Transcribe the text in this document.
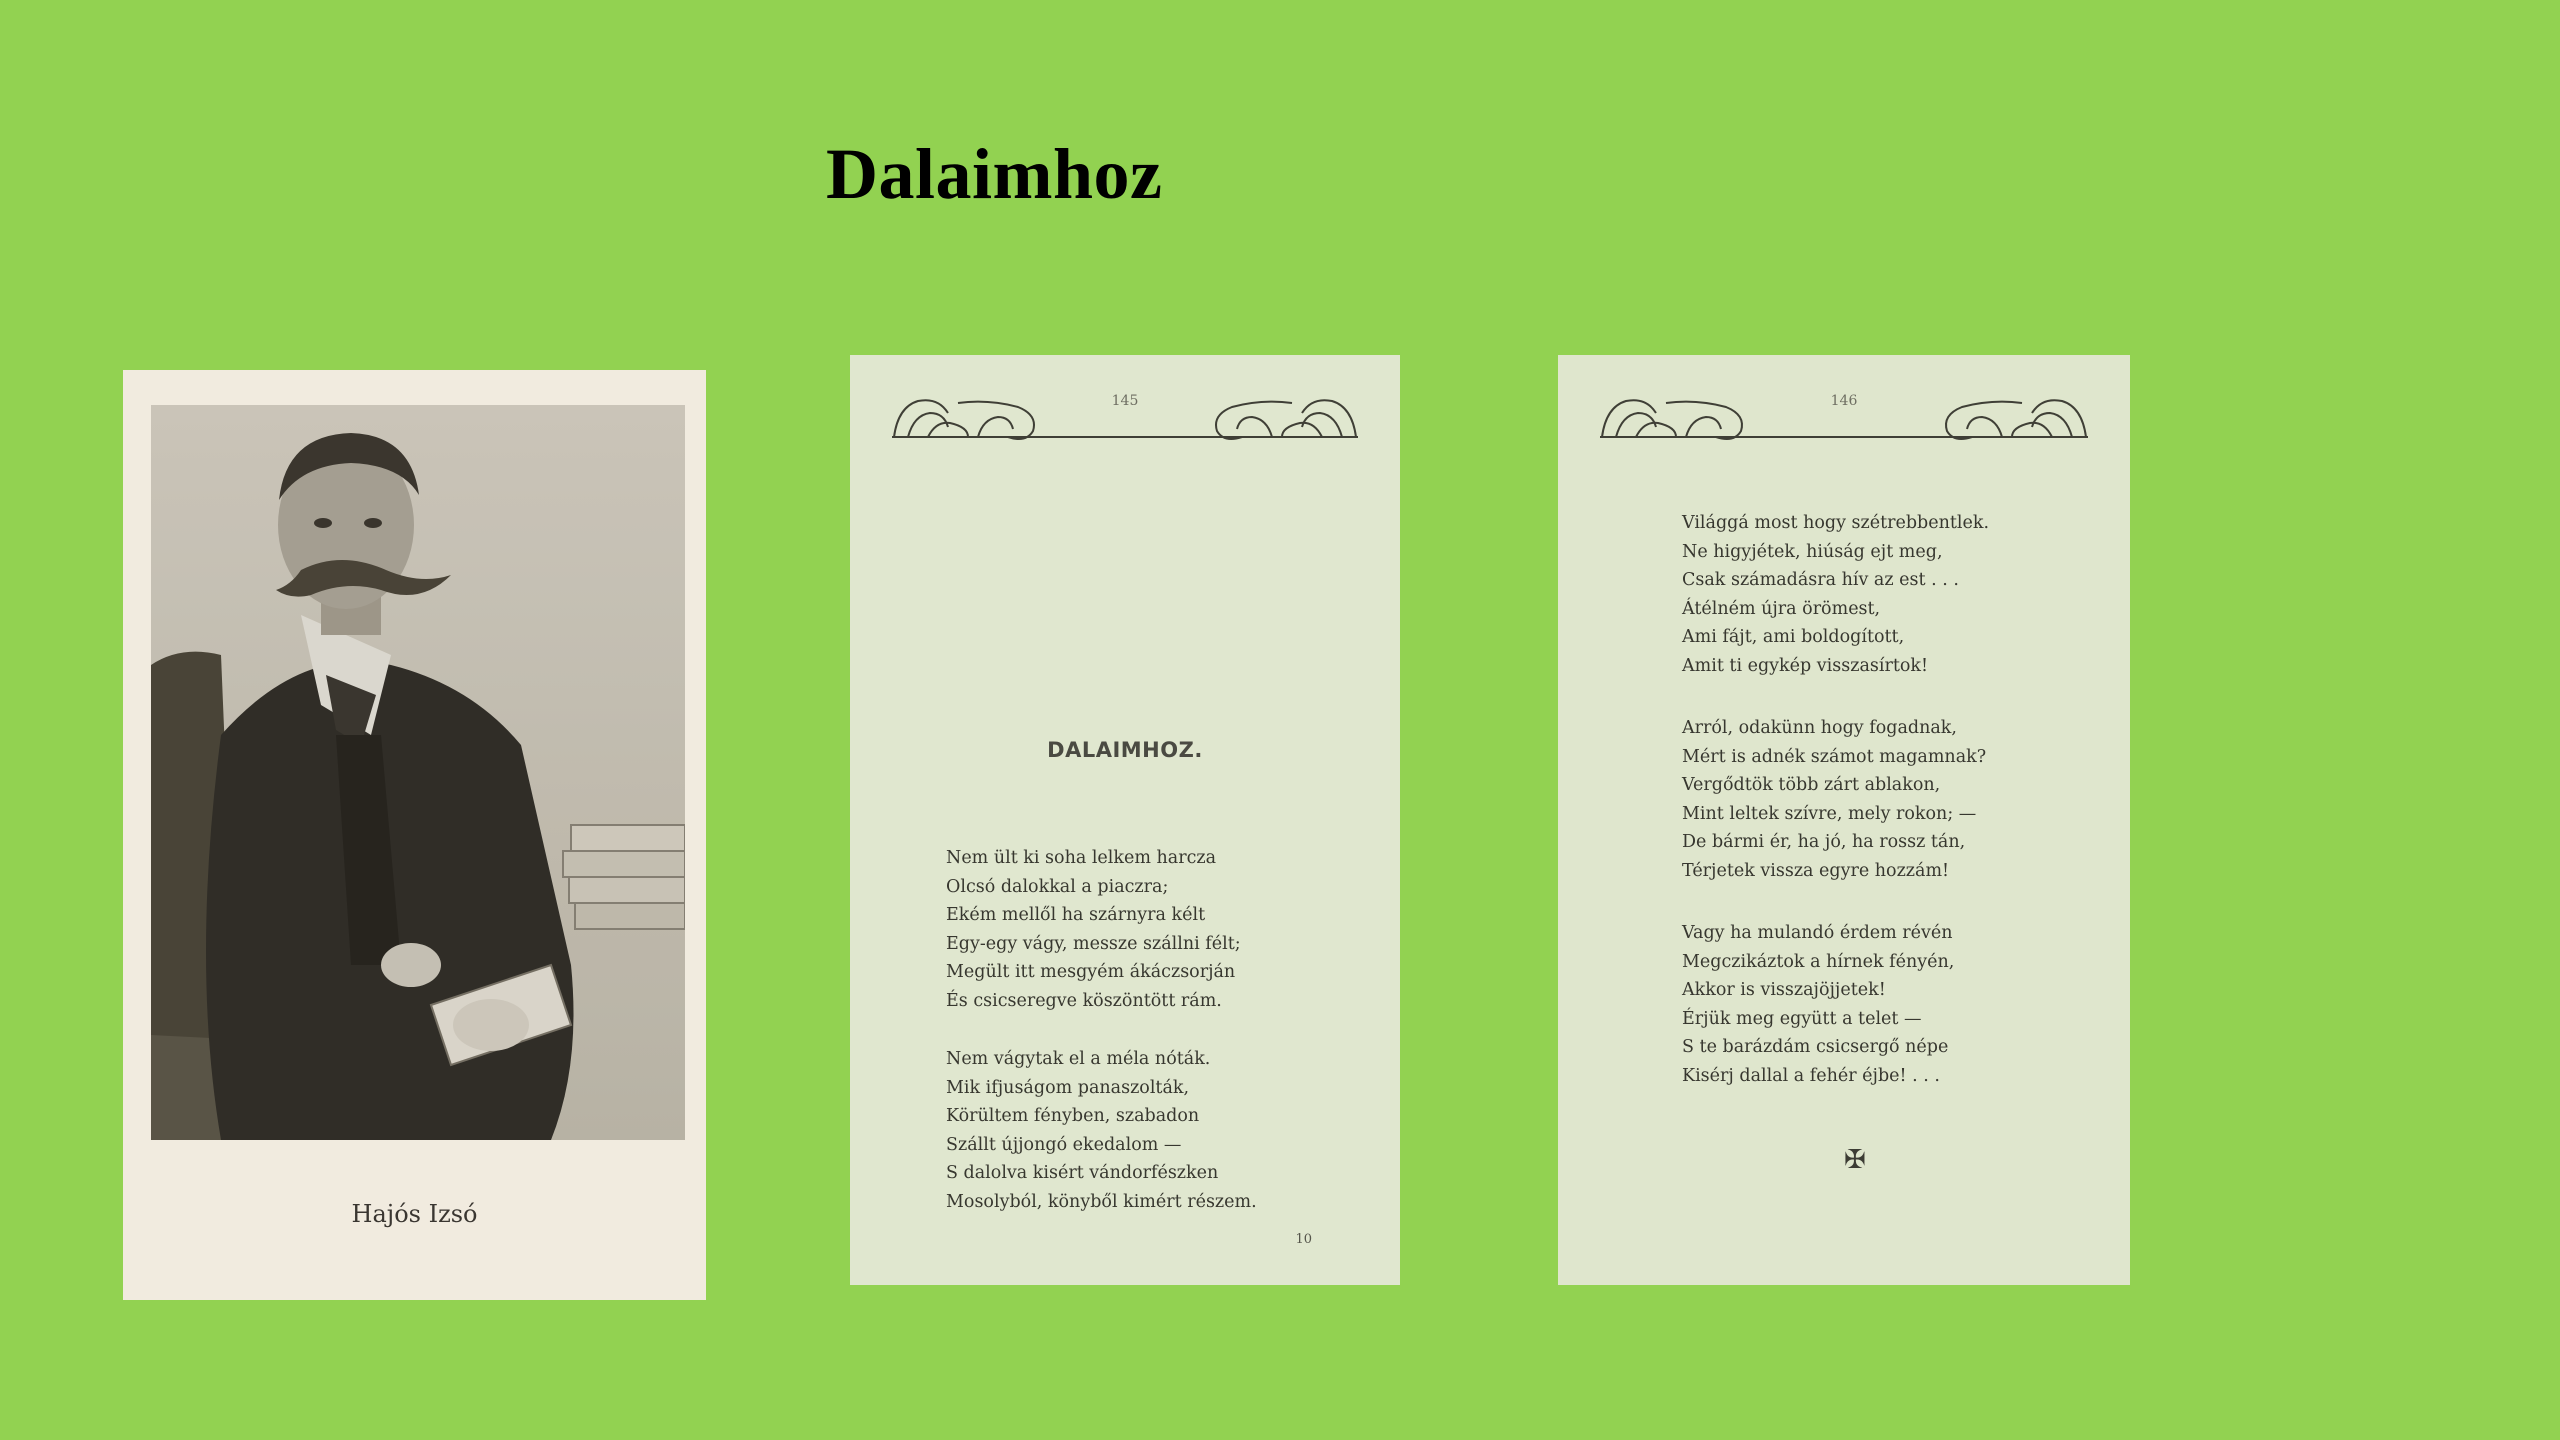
Dalaimhoz
Hajós Izsó
145
DALAIMHOZ.
Nem ült ki soha lelkem harcza
Olcsó dalokkal a piaczra;
Ekém mellől ha szárnyra kélt
Egy-egy vágy, messze szállni félt;
Megült itt mesgyém ákáczsorján
És csicseregve köszöntött rám.
Nem vágytak el a méla nóták.
Mik ifjuságom panaszolták,
Körültem fényben, szabadon
Szállt újjongó ekedalom —
S dalolva kisért vándorfészken
Mosolyból, könyből kimért részem.
10
146
Világgá most hogy szétrebbentlek.
Ne higyjétek, hiúság ejt meg,
Csak számadásra hív az est . . .
Átélném újra örömest,
Ami fájt, ami boldogított,
Amit ti egykép visszasírtok!
Arról, odakünn hogy fogadnak,
Mért is adnék számot magamnak?
Vergődtök több zárt ablakon,
Mint leltek szívre, mely rokon; —
De bármi ér, ha jó, ha rossz tán,
Térjetek vissza egyre hozzám!
Vagy ha mulandó érdem révén
Megczikáztok a hírnek fényén,
Akkor is visszajöjjetek!
Érjük meg együtt a telet —
S te barázdám csicsergő népe
Kisérj dallal a fehér éjbe! . . .
✠
